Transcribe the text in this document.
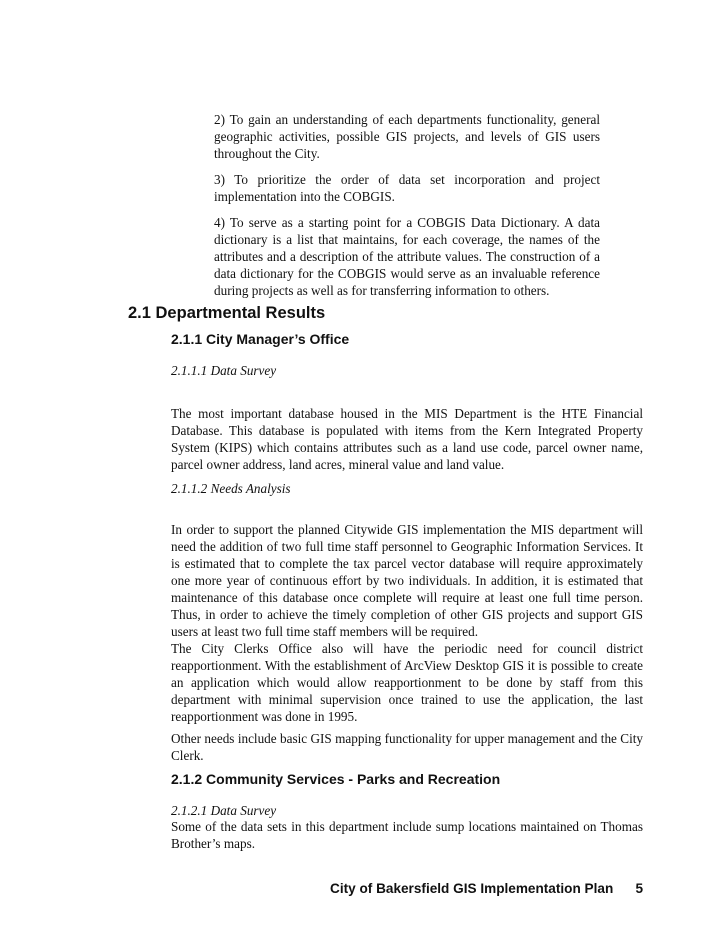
2) To gain an understanding of each departments functionality, general geographic activities, possible GIS projects, and levels of GIS users throughout the City.

3) To prioritize the order of data set incorporation and project implementation into the COBGIS.

4) To serve as a starting point for a COBGIS Data Dictionary. A data dictionary is a list that maintains, for each coverage, the names of the attributes and a description of the attribute values. The construction of a data dictionary for the COBGIS would serve as an invaluable reference during projects as well as for transferring information to others.

2.1 Departmental Results
2.1.1 City Manager’s Office
2.1.1.1 Data Survey

The most important database housed in the MIS Department is the HTE Financial Database. This database is populated with items from the Kern Integrated Property System (KIPS) which contains attributes such as a land use code, parcel owner name, parcel owner address, land acres, mineral value and land value.

2.1.1.2 Needs Analysis

In order to support the planned Citywide GIS implementation the MIS department will need the addition of two full time staff personnel to Geographic Information Services. It is estimated that to complete the tax parcel vector database will require approximately one more year of continuous effort by two individuals. In addition, it is estimated that maintenance of this database once complete will require at least one full time person. Thus, in order to achieve the timely completion of other GIS projects and support GIS users at least two full time staff members will be required.

The City Clerks Office also will have the periodic need for council district reapportionment. With the establishment of ArcView Desktop GIS it is possible to create an application which would allow reapportionment to be done by staff from this department with minimal supervision once trained to use the application, the last reapportionment was done in 1995.

Other needs include basic GIS mapping functionality for upper management and the City Clerk.

2.1.2 Community Services - Parks and Recreation
2.1.2.1 Data Survey

Some of the data sets in this department include sump locations maintained on Thomas Brother’s maps.

City of Bakersfield GIS Implementation Plan 5
